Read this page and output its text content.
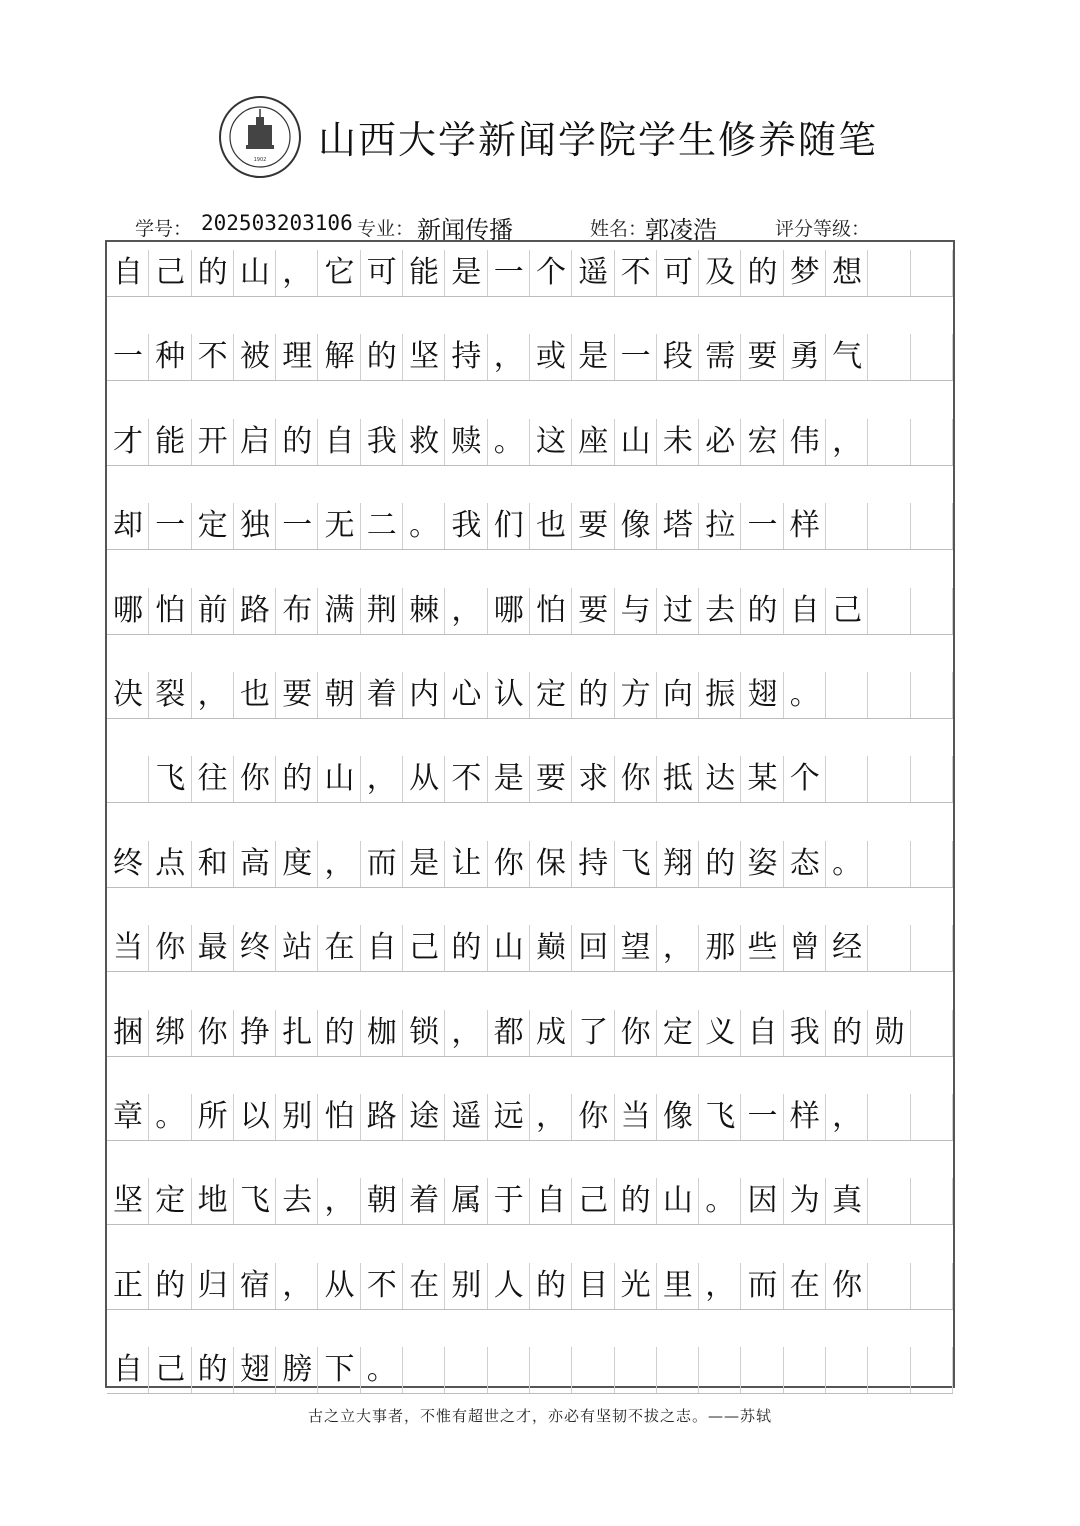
1902 山西大学新闻学院学生修养随笔
学号： 202503203106 专业： 新闻传播	姓名：
郭凌浩	评分等级：
自己的山，它可能是一个遥不可及的梦想
一种不被理解的坚持，或是一段需要勇气
才能开启的自我救赎。这座山未必宏伟，
却一定独一无二。我们也要像塔拉一样
哪怕前路布满荆棘，哪怕要与过去的自己
决裂，也要朝着内心认定的方向振翅。
　飞往你的山，从不是要求你抵达某个
终点和高度，而是让你保持飞翔的姿态。
当你最终站在自己的山巅回望，那些曾经
捆绑你挣扎的枷锁，都成了你定义自我的勋
章。所以别怕路途遥远，你当像飞一样，
坚定地飞去，朝着属于自己的山。因为真
正的归宿，从不在别人的目光里，而在你
自己的翅膀下。
古之立大事者，不惟有超世之才，亦必有坚韧不拔之志。——苏轼
